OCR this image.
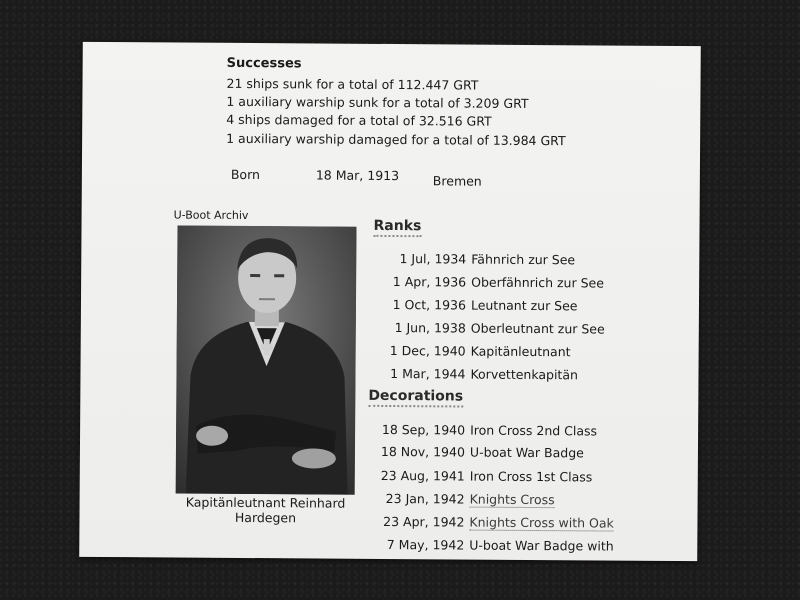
Successes
21 ships sunk for a total of 112.447 GRT
1 auxiliary warship sunk for a total of 3.209 GRT
4 ships damaged for a total of 32.516 GRT
1 auxiliary warship damaged for a total of 13.984 GRT
Born	18 Mar, 1913	Bremen
U-Boot Archiv
Kapitänleutnant Reinhard Hardegen
Ranks
1 Jul, 1934 Fähnrich zur See
1 Apr, 1936 Oberfähnrich zur See
1 Oct, 1936 Leutnant zur See
1 Jun, 1938 Oberleutnant zur See
1 Dec, 1940 Kapitänleutnant
1 Mar, 1944 Korvettenkapitän
Decorations
18 Sep, 1940 Iron Cross 2nd Class
18 Nov, 1940 U-boat War Badge
23 Aug, 1941 Iron Cross 1st Class
23 Jan, 1942 Knights Cross
23 Apr, 1942 Knights Cross with Oak
7 May, 1942 U-boat War Badge with
